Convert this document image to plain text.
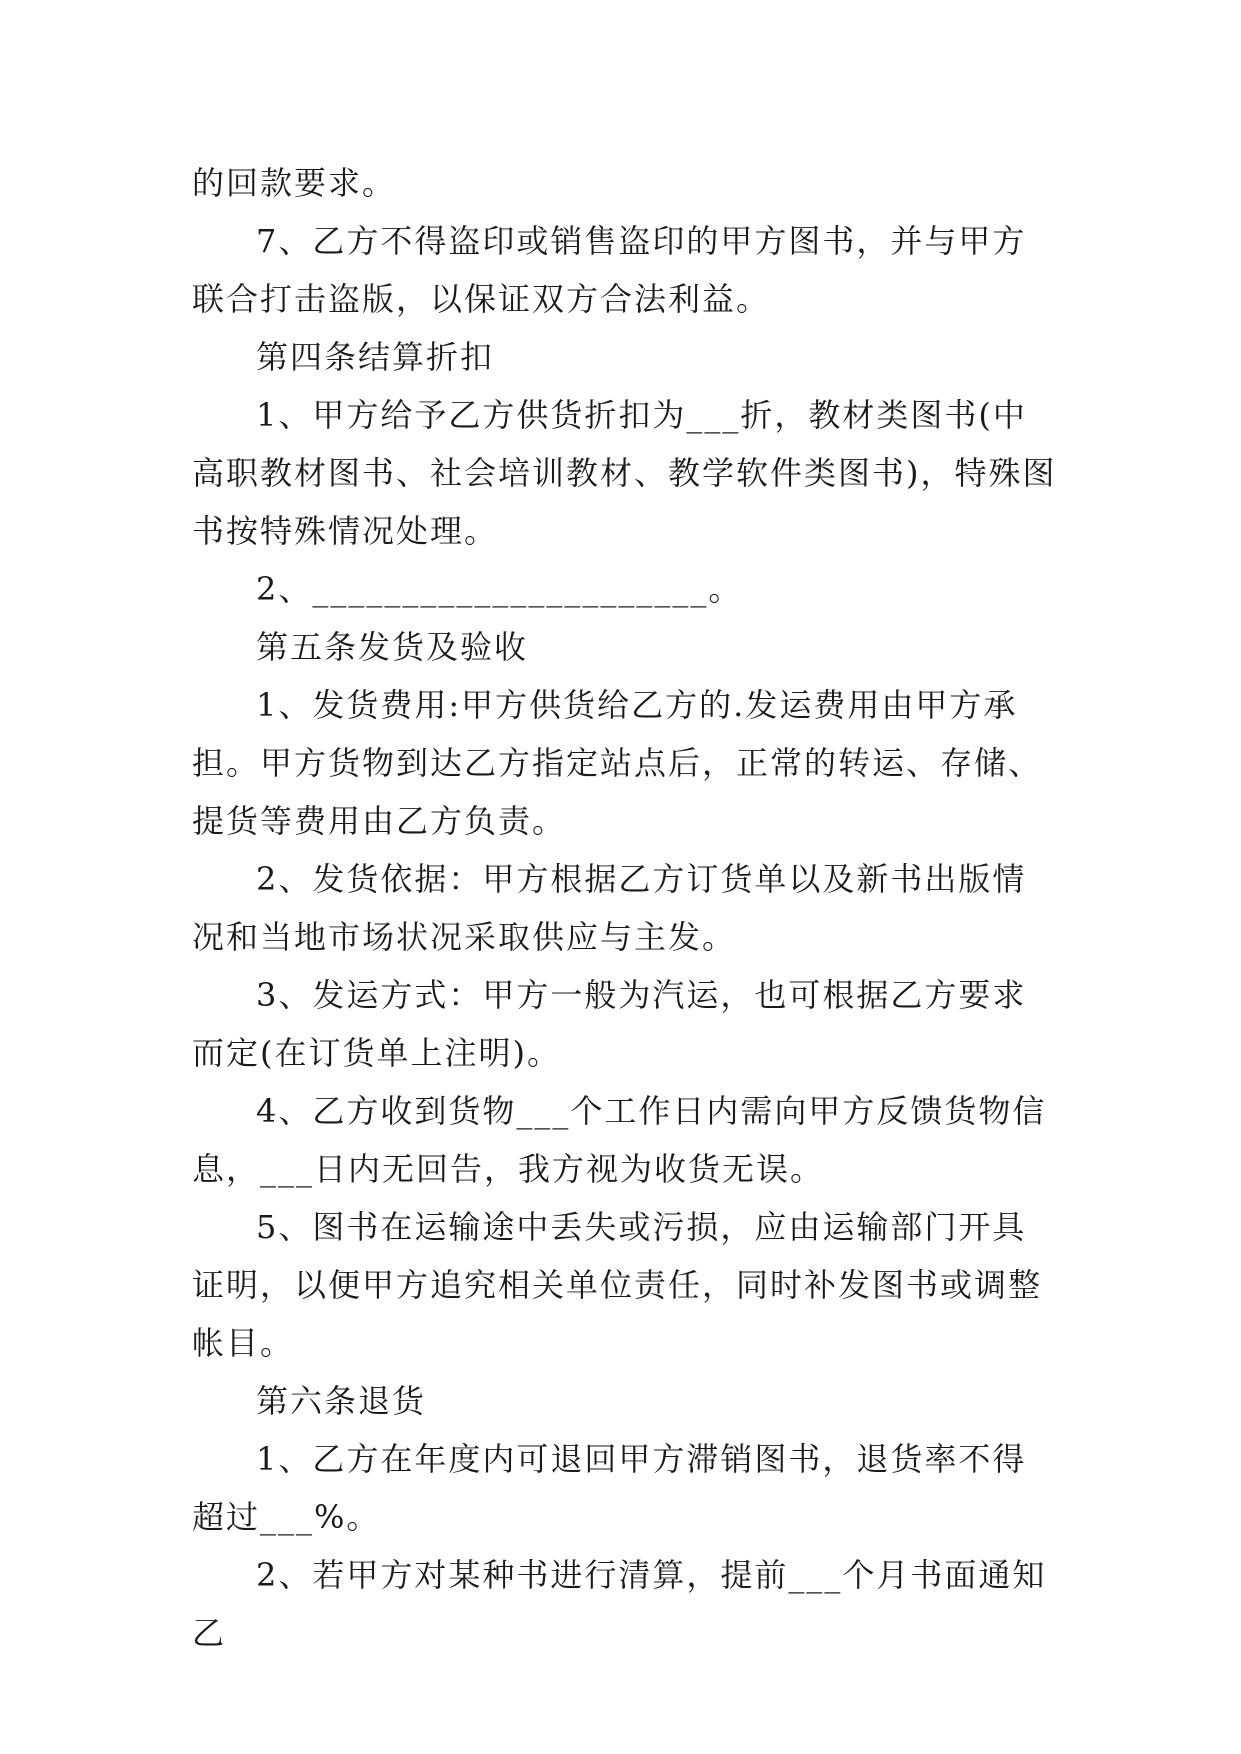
的回款要求。

7、乙方不得盗印或销售盗印的甲方图书，并与甲方联合打击盗版，以保证双方合法利益。

第四条结算折扣

1、甲方给予乙方供货折扣为___折，教材类图书(中高职教材图书、社会培训教材、教学软件类图书)，特殊图书按特殊情况处理。

2、______________________。

第五条发货及验收

1、发货费用:甲方供货给乙方的.发运费用由甲方承担。甲方货物到达乙方指定站点后，正常的转运、存储、提货等费用由乙方负责。

2、发货依据：甲方根据乙方订货单以及新书出版情况和当地市场状况采取供应与主发。

3、发运方式：甲方一般为汽运，也可根据乙方要求而定(在订货单上注明)。

4、乙方收到货物___个工作日内需向甲方反馈货物信息，___日内无回告，我方视为收货无误。

5、图书在运输途中丢失或污损，应由运输部门开具证明，以便甲方追究相关单位责任，同时补发图书或调整帐目。

第六条退货

1、乙方在年度内可退回甲方滞销图书，退货率不得超过___%。

2、若甲方对某种书进行清算，提前___个月书面通知乙
